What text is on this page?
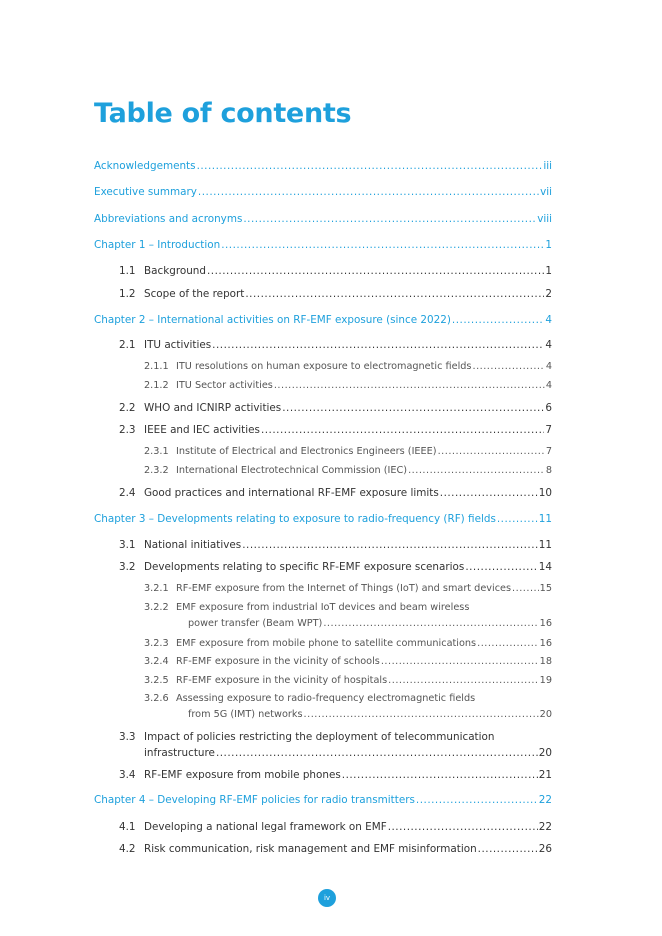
Table of contents
Acknowledgements .....	iii
Executive summary .....	vii
Abbreviations and acronyms .....	viii
Chapter 1 – Introduction .....	1
1.1 Background .....	1
1.2 Scope of the report .....	2
Chapter 2 – International activities on RF-EMF exposure (since 2022) .....	4
2.1 ITU activities .....	4
2.1.1 ITU resolutions on human exposure to electromagnetic fields .....	4
2.1.2 ITU Sector activities .....	4
2.2 WHO and ICNIRP activities .....	6
2.3 IEEE and IEC activities .....	7
2.3.1 Institute of Electrical and Electronics Engineers (IEEE) .....	7
2.3.2 International Electrotechnical Commission (IEC) .....	8
2.4 Good practices and international RF-EMF exposure limits .....	10
Chapter 3 – Developments relating to exposure to radio-frequency (RF) fields .....	11
3.1 National initiatives .....	11
3.2 Developments relating to specific RF-EMF exposure scenarios .....	14
3.2.1 RF-EMF exposure from the Internet of Things (IoT) and smart devices .....	15
3.2.2 EMF exposure from industrial IoT devices and beam wireless
power transfer (Beam WPT) .....	16
3.2.3 EMF exposure from mobile phone to satellite communications .....	16
3.2.4 RF-EMF exposure in the vicinity of schools .....	18
3.2.5 RF-EMF exposure in the vicinity of hospitals .....	19
3.2.6 Assessing exposure to radio-frequency electromagnetic fields
from 5G (IMT) networks .....	20
3.3 Impact of policies restricting the deployment of telecommunication
infrastructure .....	20
3.4 RF-EMF exposure from mobile phones .....	21
Chapter 4 – Developing RF-EMF policies for radio transmitters .....	22
4.1 Developing a national legal framework on EMF .....	22
4.2 Risk communication, risk management and EMF misinformation .....	26
iv
